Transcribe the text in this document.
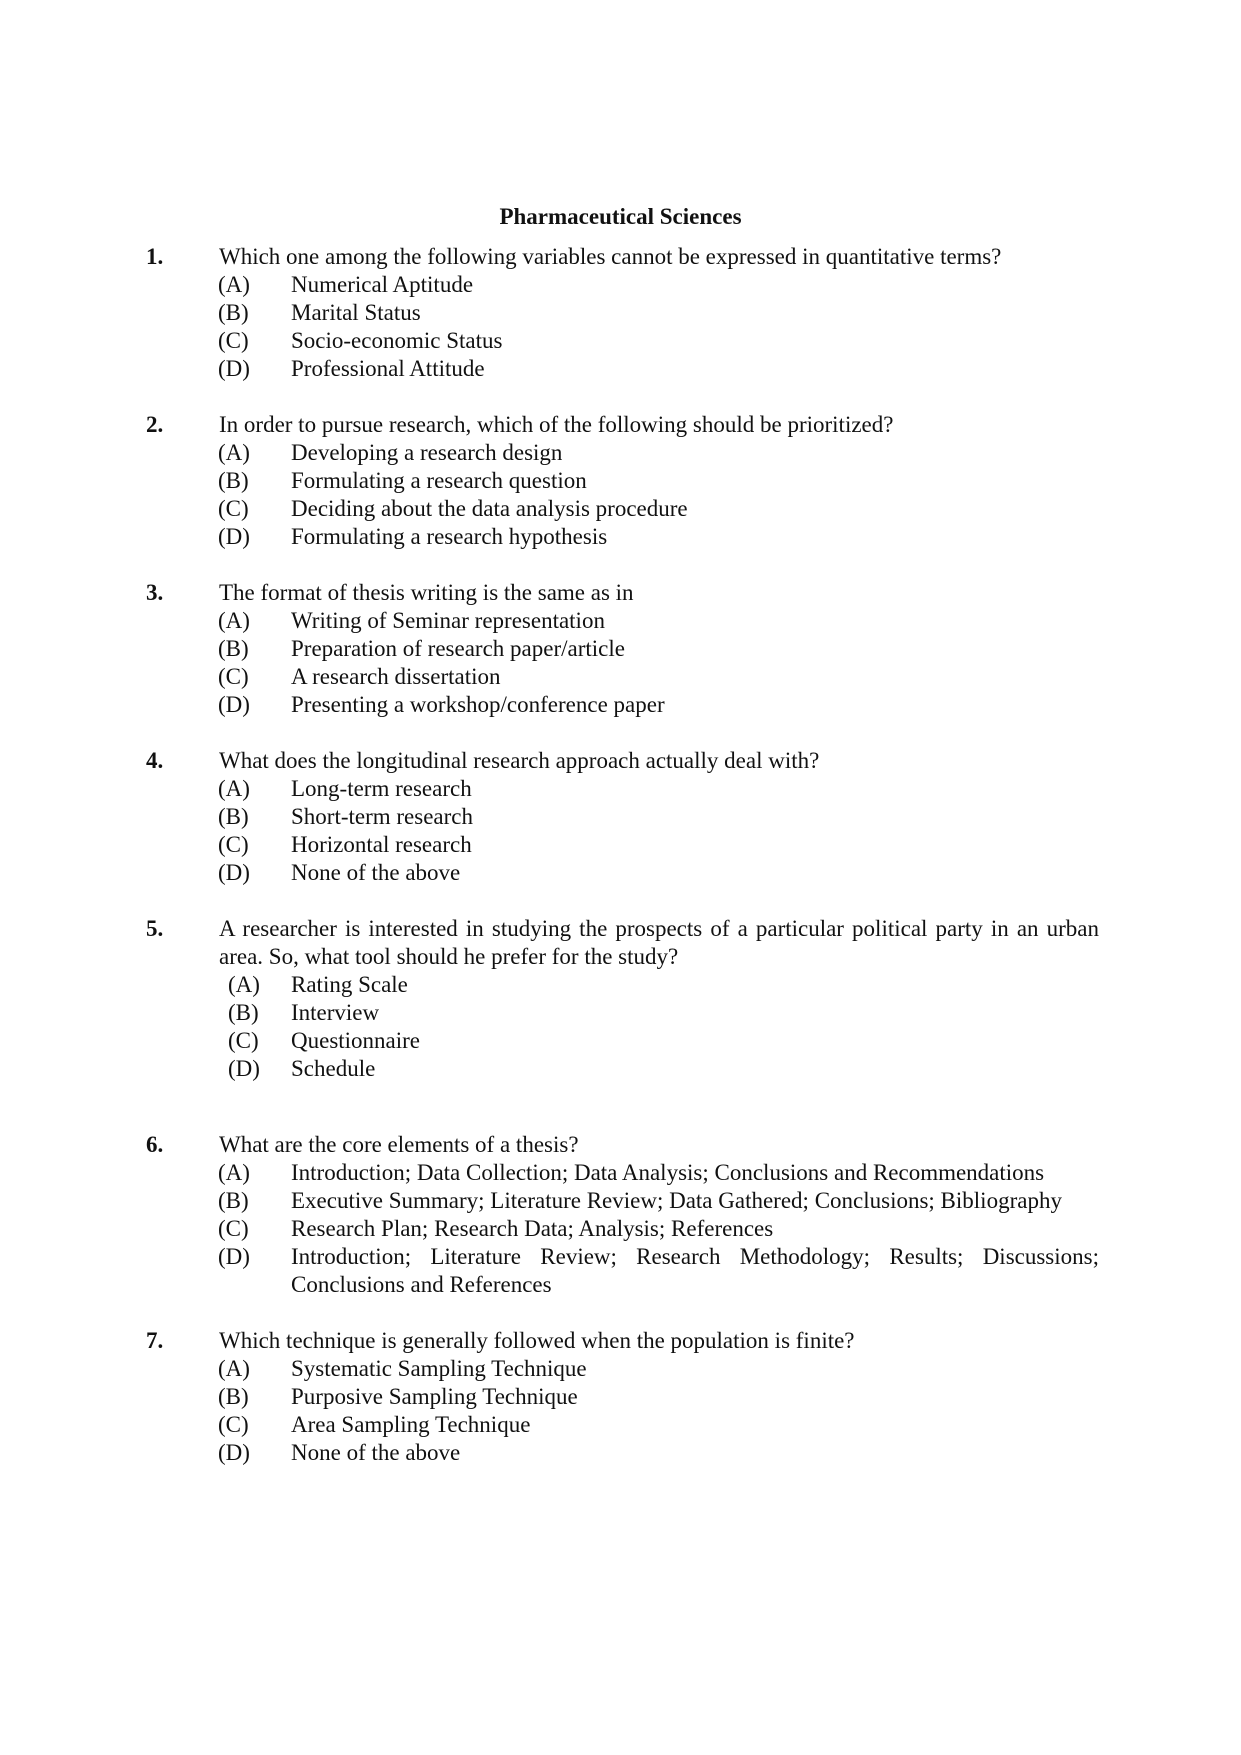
Pharmaceutical Sciences
1. Which one among the following variables cannot be expressed in quantitative terms?
(A) Numerical Aptitude
(B) Marital Status
(C) Socio-economic Status
(D) Professional Attitude
2. In order to pursue research, which of the following should be prioritized?
(A) Developing a research design
(B) Formulating a research question
(C) Deciding about the data analysis procedure
(D) Formulating a research hypothesis
3. The format of thesis writing is the same as in
(A) Writing of Seminar representation
(B) Preparation of research paper/article
(C) A research dissertation
(D) Presenting a workshop/conference paper
4. What does the longitudinal research approach actually deal with?
(A) Long-term research
(B) Short-term research
(C) Horizontal research
(D) None of the above
5. A researcher is interested in studying the prospects of a particular political party in an urban area. So, what tool should he prefer for the study?
(A) Rating Scale
(B) Interview
(C) Questionnaire
(D) Schedule
6. What are the core elements of a thesis?
(A) Introduction; Data Collection; Data Analysis; Conclusions and Recommendations
(B) Executive Summary; Literature Review; Data Gathered; Conclusions; Bibliography
(C) Research Plan; Research Data; Analysis; References
(D) Introduction; Literature Review; Research Methodology; Results; Discussions; Conclusions and References
7. Which technique is generally followed when the population is finite?
(A) Systematic Sampling Technique
(B) Purposive Sampling Technique
(C) Area Sampling Technique
(D) None of the above
